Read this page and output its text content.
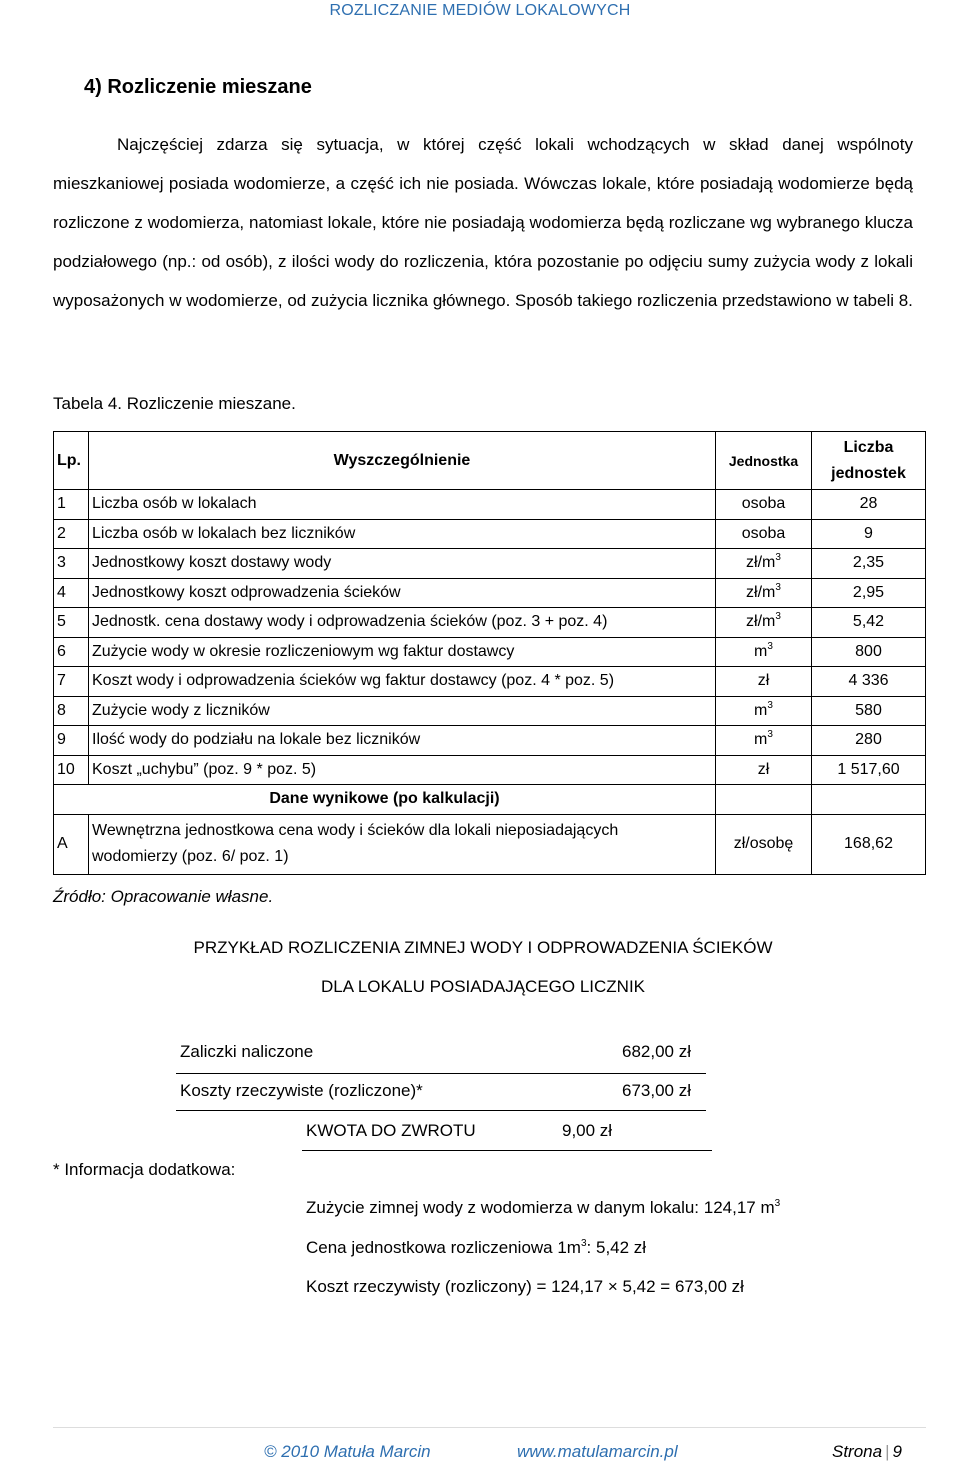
ROZLICZANIE MEDIÓW LOKALOWYCH
4) Rozliczenie mieszane

Najczęściej zdarza się sytuacja, w której część lokali wchodzących w skład danej wspólnoty mieszkaniowej posiada wodomierze, a część ich nie posiada. Wówczas lokale, które posiadają wodomierze będą rozliczone z wodomierza, natomiast lokale, które nie posiadają wodomierza będą rozliczane wg wybranego klucza podziałowego (np.: od osób), z ilości wody do rozliczenia, która pozostanie po odjęciu sumy zużycia wody z lokali wyposażonych w wodomierze, od zużycia licznika głównego. Sposób takiego rozliczenia przedstawiono w tabeli 8.

Tabela 4. Rozliczenie mieszane.
Lp.	Wyszczególnienie	Jednostka	Liczba
jednostek
1	Liczba osób w lokalach	osoba	28
2	Liczba osób w lokalach bez liczników	osoba	9
3	Jednostkowy koszt dostawy wody	$zł/m^3$	2,35
4	Jednostkowy koszt odprowadzenia ścieków	$zł/m^3$	2,95
5	Jednostk. cena dostawy wody i odprowadzenia ścieków (poz. 3 + poz. 4)	$zł/m^3$	5,42
6	Zużycie wody w okresie rozliczeniowym wg faktur dostawcy	$m^3$	800
7	Koszt wody i odprowadzenia ścieków wg faktur dostawcy (poz. 4 * poz. 5)	zł	4 336
8	Zużycie wody z liczników	$m^3$	580
9	Ilość wody do podziału na lokale bez liczników	$m^3$	280
10	Koszt „uchybu” (poz. 9 * poz. 5)	zł	1 517,60
Dane wynikowe (po kalkulacji)			
A	Wewnętrzna jednostkowa cena wody i ścieków dla lokali nieposiadających
wodomierzy (poz. 6/ poz. 1)	zł/osobę	168,62
Źródło: Opracowanie własne.
PRZYKŁAD ROZLICZENIA ZIMNEJ WODY I ODPROWADZENIA ŚCIEKÓW
DLA LOKALU POSIADAJĄCEGO LICZNIK
Zaliczki naliczone	682,00 zł
Koszty rzeczywiste (rozliczone)*	673,00 zł
KWOTA DO ZWROTU	9,00 zł
* Informacja dodatkowa:
Zużycie zimnej wody z wodomierza w danym lokalu: 124,17 $m^3$
Cena jednostkowa rozliczeniowa $1m^3$: 5,42 zł
Koszt rzeczywisty (rozliczony) = 124,17 × 5,42 = 673,00 zł
© 2010 Matuła Marcin	www.matulamarcin.pl	Strona | 9
